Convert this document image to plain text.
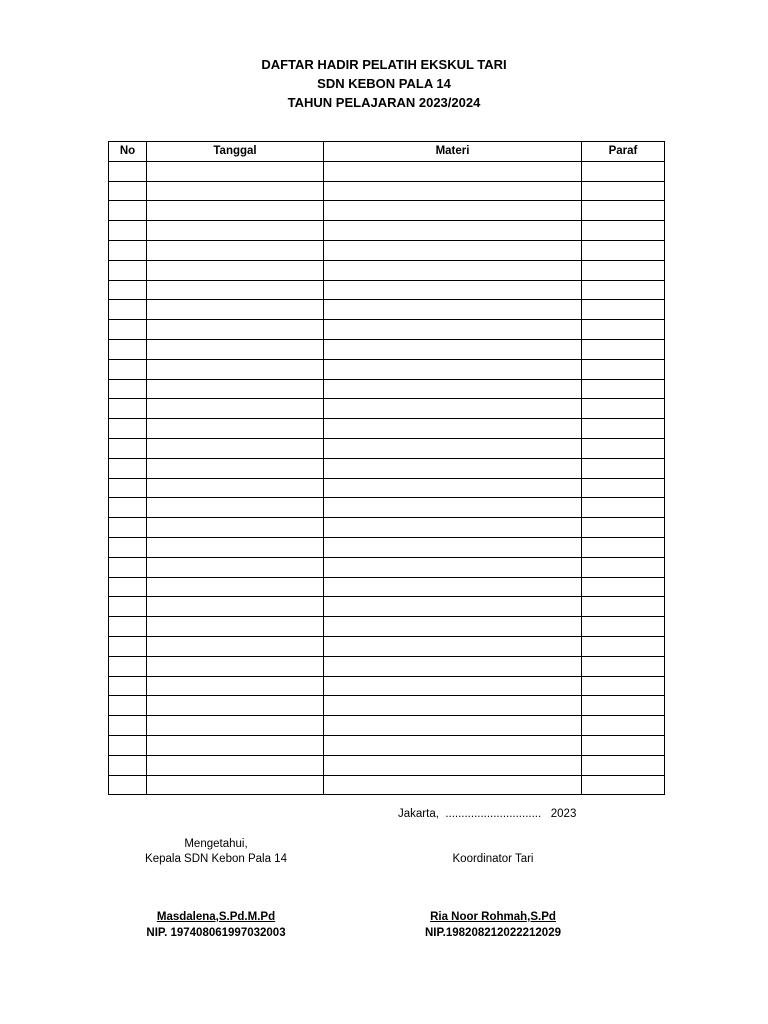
DAFTAR HADIR PELATIH EKSKUL TARI
SDN KEBON PALA 14
TAHUN PELAJARAN 2023/2024
No	Tanggal	Materi	Paraf

Jakarta, .............................. 2023
Mengetahui,
Kepala SDN Kebon Pala 14	Koordinator Tari
Masdalena,S.Pd.M.Pd
NIP. 197408061997032003
Ria Noor Rohmah,S.Pd
NIP.198208212022212029
